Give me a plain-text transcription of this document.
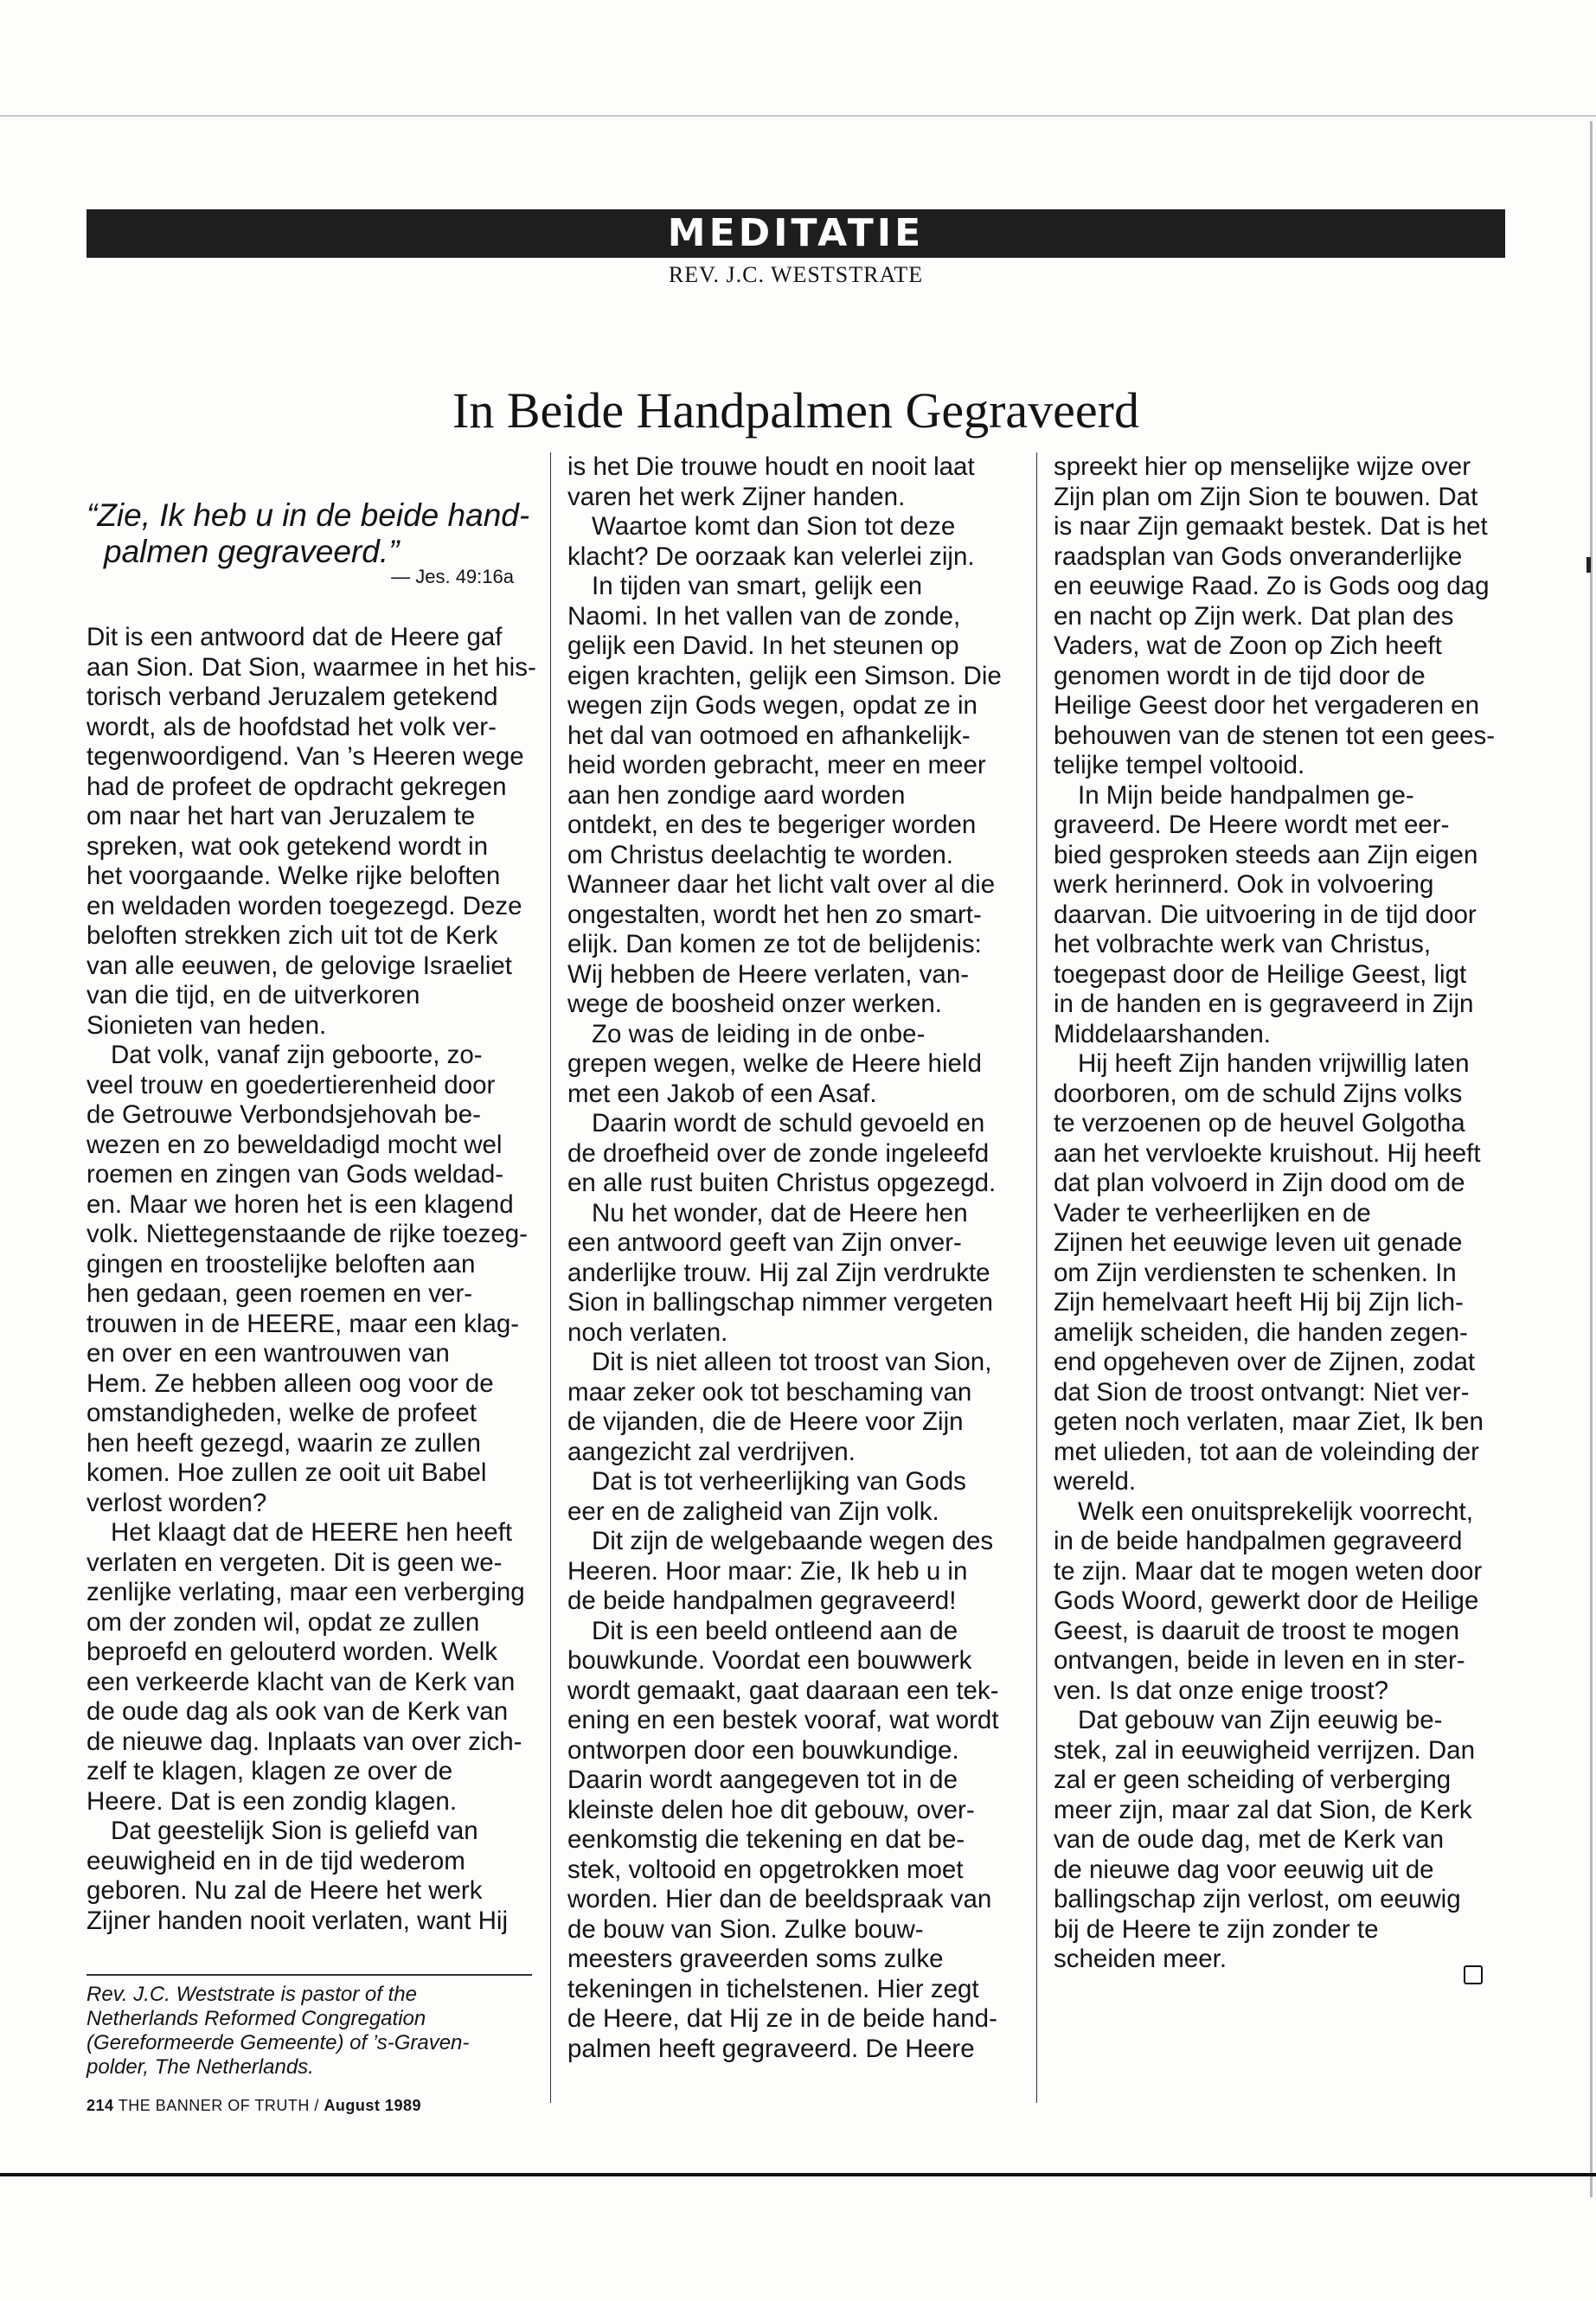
MEDITATIE
REV. J.C. WESTSTRATE
In Beide Handpalmen Gegraveerd
“Zie, Ik heb u in de beide hand-
palmen gegraveerd.”
— Jes. 49:16a

Dit is een antwoord dat de Heere gaf

aan Sion. Dat Sion, waarmee in het his-

torisch verband Jeruzalem getekend

wordt, als de hoofdstad het volk ver-

tegenwoordigend. Van ’s Heeren wege

had de profeet de opdracht gekregen

om naar het hart van Jeruzalem te

spreken, wat ook getekend wordt in

het voorgaande. Welke rijke beloften

en weldaden worden toegezegd. Deze

beloften strekken zich uit tot de Kerk

van alle eeuwen, de gelovige Israeliet

van die tijd, en de uitverkoren

Sionieten van heden.

Dat volk, vanaf zijn geboorte, zo-

veel trouw en goedertierenheid door

de Getrouwe Verbondsjehovah be-

wezen en zo beweldadigd mocht wel

roemen en zingen van Gods weldad-

en. Maar we horen het is een klagend

volk. Niettegenstaande de rijke toezeg-

gingen en troostelijke beloften aan

hen gedaan, geen roemen en ver-

trouwen in de HEERE, maar een klag-

en over en een wantrouwen van

Hem. Ze hebben alleen oog voor de

omstandigheden, welke de profeet

hen heeft gezegd, waarin ze zullen

komen. Hoe zullen ze ooit uit Babel

verlost worden?

Het klaagt dat de HEERE hen heeft

verlaten en vergeten. Dit is geen we-

zenlijke verlating, maar een verberging

om der zonden wil, opdat ze zullen

beproefd en gelouterd worden. Welk

een verkeerde klacht van de Kerk van

de oude dag als ook van de Kerk van

de nieuwe dag. Inplaats van over zich-

zelf te klagen, klagen ze over de

Heere. Dat is een zondig klagen.

Dat geestelijk Sion is geliefd van

eeuwigheid en in de tijd wederom

geboren. Nu zal de Heere het werk

Zijner handen nooit verlaten, want Hij

is het Die trouwe houdt en nooit laat

varen het werk Zijner handen.

Waartoe komt dan Sion tot deze

klacht? De oorzaak kan velerlei zijn.

In tijden van smart, gelijk een

Naomi. In het vallen van de zonde,

gelijk een David. In het steunen op

eigen krachten, gelijk een Simson. Die

wegen zijn Gods wegen, opdat ze in

het dal van ootmoed en afhankelijk-

heid worden gebracht, meer en meer

aan hen zondige aard worden

ontdekt, en des te begeriger worden

om Christus deelachtig te worden.

Wanneer daar het licht valt over al die

ongestalten, wordt het hen zo smart-

elijk. Dan komen ze tot de belijdenis:

Wij hebben de Heere verlaten, van-

wege de boosheid onzer werken.

Zo was de leiding in de onbe-

grepen wegen, welke de Heere hield

met een Jakob of een Asaf.

Daarin wordt de schuld gevoeld en

de droefheid over de zonde ingeleefd

en alle rust buiten Christus opgezegd.

Nu het wonder, dat de Heere hen

een antwoord geeft van Zijn onver-

anderlijke trouw. Hij zal Zijn verdrukte

Sion in ballingschap nimmer vergeten

noch verlaten.

Dit is niet alleen tot troost van Sion,

maar zeker ook tot beschaming van

de vijanden, die de Heere voor Zijn

aangezicht zal verdrijven.

Dat is tot verheerlijking van Gods

eer en de zaligheid van Zijn volk.

Dit zijn de welgebaande wegen des

Heeren. Hoor maar: Zie, Ik heb u in

de beide handpalmen gegraveerd!

Dit is een beeld ontleend aan de

bouwkunde. Voordat een bouwwerk

wordt gemaakt, gaat daaraan een tek-

ening en een bestek vooraf, wat wordt

ontworpen door een bouwkundige.

Daarin wordt aangegeven tot in de

kleinste delen hoe dit gebouw, over-

eenkomstig die tekening en dat be-

stek, voltooid en opgetrokken moet

worden. Hier dan de beeldspraak van

de bouw van Sion. Zulke bouw-

meesters graveerden soms zulke

tekeningen in tichelstenen. Hier zegt

de Heere, dat Hij ze in de beide hand-

palmen heeft gegraveerd. De Heere

spreekt hier op menselijke wijze over

Zijn plan om Zijn Sion te bouwen. Dat

is naar Zijn gemaakt bestek. Dat is het

raadsplan van Gods onveranderlijke

en eeuwige Raad. Zo is Gods oog dag

en nacht op Zijn werk. Dat plan des

Vaders, wat de Zoon op Zich heeft

genomen wordt in de tijd door de

Heilige Geest door het vergaderen en

behouwen van de stenen tot een gees-

telijke tempel voltooid.

In Mijn beide handpalmen ge-

graveerd. De Heere wordt met eer-

bied gesproken steeds aan Zijn eigen

werk herinnerd. Ook in volvoering

daarvan. Die uitvoering in de tijd door

het volbrachte werk van Christus,

toegepast door de Heilige Geest, ligt

in de handen en is gegraveerd in Zijn

Middelaarshanden.

Hij heeft Zijn handen vrijwillig laten

doorboren, om de schuld Zijns volks

te verzoenen op de heuvel Golgotha

aan het vervloekte kruishout. Hij heeft

dat plan volvoerd in Zijn dood om de

Vader te verheerlijken en de

Zijnen het eeuwige leven uit genade

om Zijn verdiensten te schenken. In

Zijn hemelvaart heeft Hij bij Zijn lich-

amelijk scheiden, die handen zegen-

end opgeheven over de Zijnen, zodat

dat Sion de troost ontvangt: Niet ver-

geten noch verlaten, maar Ziet, Ik ben

met ulieden, tot aan de voleinding der

wereld.

Welk een onuitsprekelijk voorrecht,

in de beide handpalmen gegraveerd

te zijn. Maar dat te mogen weten door

Gods Woord, gewerkt door de Heilige

Geest, is daaruit de troost te mogen

ontvangen, beide in leven en in ster-

ven. Is dat onze enige troost?

Dat gebouw van Zijn eeuwig be-

stek, zal in eeuwigheid verrijzen. Dan

zal er geen scheiding of verberging

meer zijn, maar zal dat Sion, de Kerk

van de oude dag, met de Kerk van

de nieuwe dag voor eeuwig uit de

ballingschap zijn verlost, om eeuwig

bij de Heere te zijn zonder te

scheiden meer.

Rev. J.C. Weststrate is pastor of the
Netherlands Reformed Congregation
(Gereformeerde Gemeente) of ’s-Graven-
polder, The Netherlands.
214 THE BANNER OF TRUTH / August 1989
